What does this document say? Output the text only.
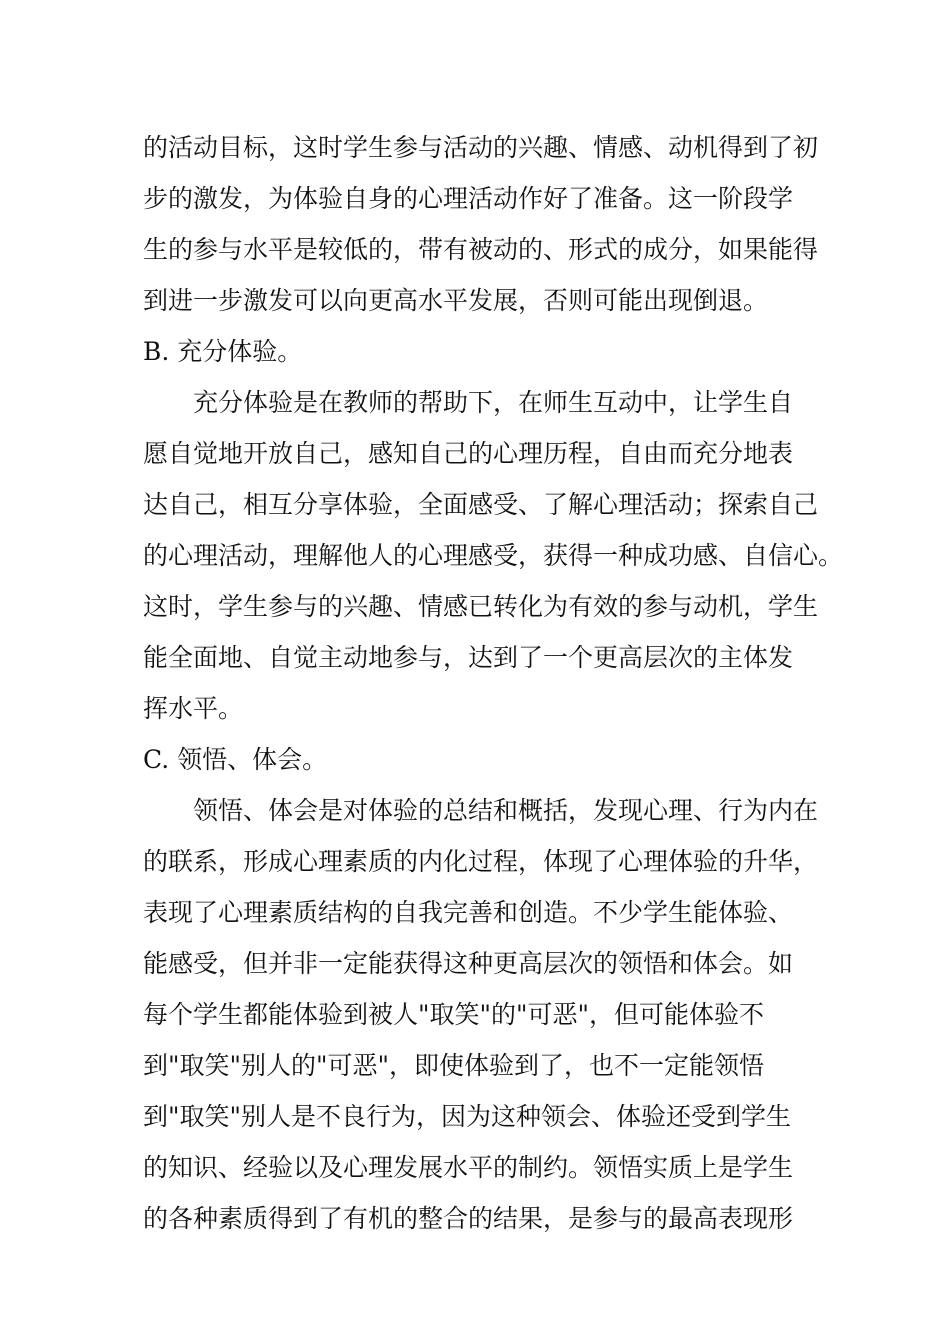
的活动目标，这时学生参与活动的兴趣、情感、动机得到了初
步的激发，为体验自身的心理活动作好了准备。这一阶段学
生的参与水平是较低的，带有被动的、形式的成分，如果能得
到进一步激发可以向更高水平发展，否则可能出现倒退。
B. 充分体验。
充分体验是在教师的帮助下，在师生互动中，让学生自
愿自觉地开放自己，感知自己的心理历程，自由而充分地表
达自己，相互分享体验，全面感受、了解心理活动；探索自己
的心理活动，理解他人的心理感受，获得一种成功感、自信心。
这时，学生参与的兴趣、情感已转化为有效的参与动机，学生
能全面地、自觉主动地参与，达到了一个更高层次的主体发
挥水平。
C. 领悟、体会。
领悟、体会是对体验的总结和概括，发现心理、行为内在
的联系，形成心理素质的内化过程，体现了心理体验的升华，
表现了心理素质结构的自我完善和创造。不少学生能体验、
能感受，但并非一定能获得这种更高层次的领悟和体会。如
每个学生都能体验到被人"取笑"的"可恶"，但可能体验不
到"取笑"别人的"可恶"，即使体验到了，也不一定能领悟
到"取笑"别人是不良行为，因为这种领会、体验还受到学生
的知识、经验以及心理发展水平的制约。领悟实质上是学生
的各种素质得到了有机的整合的结果，是参与的最高表现形
